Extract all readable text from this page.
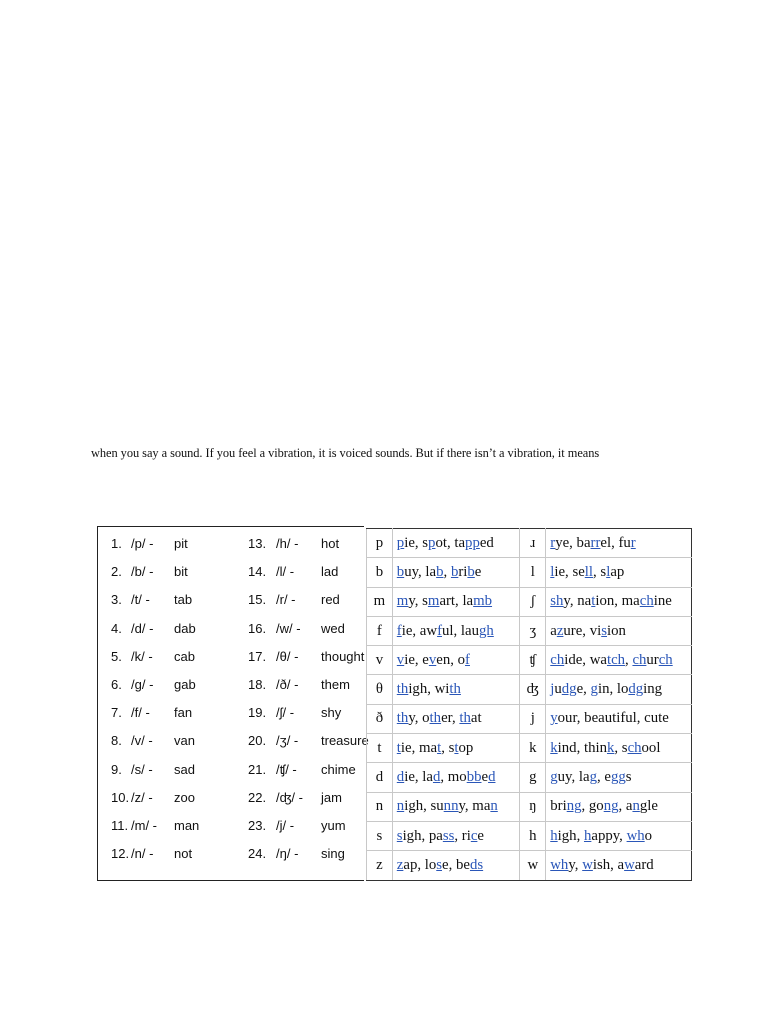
when you say a sound. If you feel a vibration, it is voiced sounds. But if there isn’t a vibration, it means
1. /p/ - pit
2. /b/ - bit
3. /t/ - tab
4. /d/ - dab
5. /k/ - cab
6. /g/ - gab
7. /f/ - fan
8. /v/ - van
9. /s/ - sad
10. /z/ - zoo
11. /m/ - man
12. /n/ - not
13. /h/ - hot
14. /l/ - lad
15. /r/ - red
16. /w/ - wed
17. /θ/ - thought
18. /ð/ - them
19. /ʃ/ - shy
20. /ʒ/ - treasure
21. /ʧ/ - chime
22. /ʤ/ - jam
23. /j/ - yum
24. /ŋ/ - sing
p	pie, spot, tapped	ɹ	rye, barrel, fur
b	buy, lab, bribe	l	lie, sell, slap
m	my, smart, lamb	ʃ	shy, nation, machine
f	fie, awful, laugh	ʒ	azure, vision
v	vie, even, of	ʧ	chide, watch, church
θ	thigh, with	ʤ	judge, gin, lodging
ð	thy, other, that	j	your, beautiful, cute
t	tie, mat, stop	k	kind, think, school
d	die, lad, mobbed	g	guy, lag, eggs
n	nigh, sunny, man	ŋ	bring, gong, angle
s	sigh, pass, rice	h	high, happy, who
z	zap, lose, beds	w	why, wish, award
